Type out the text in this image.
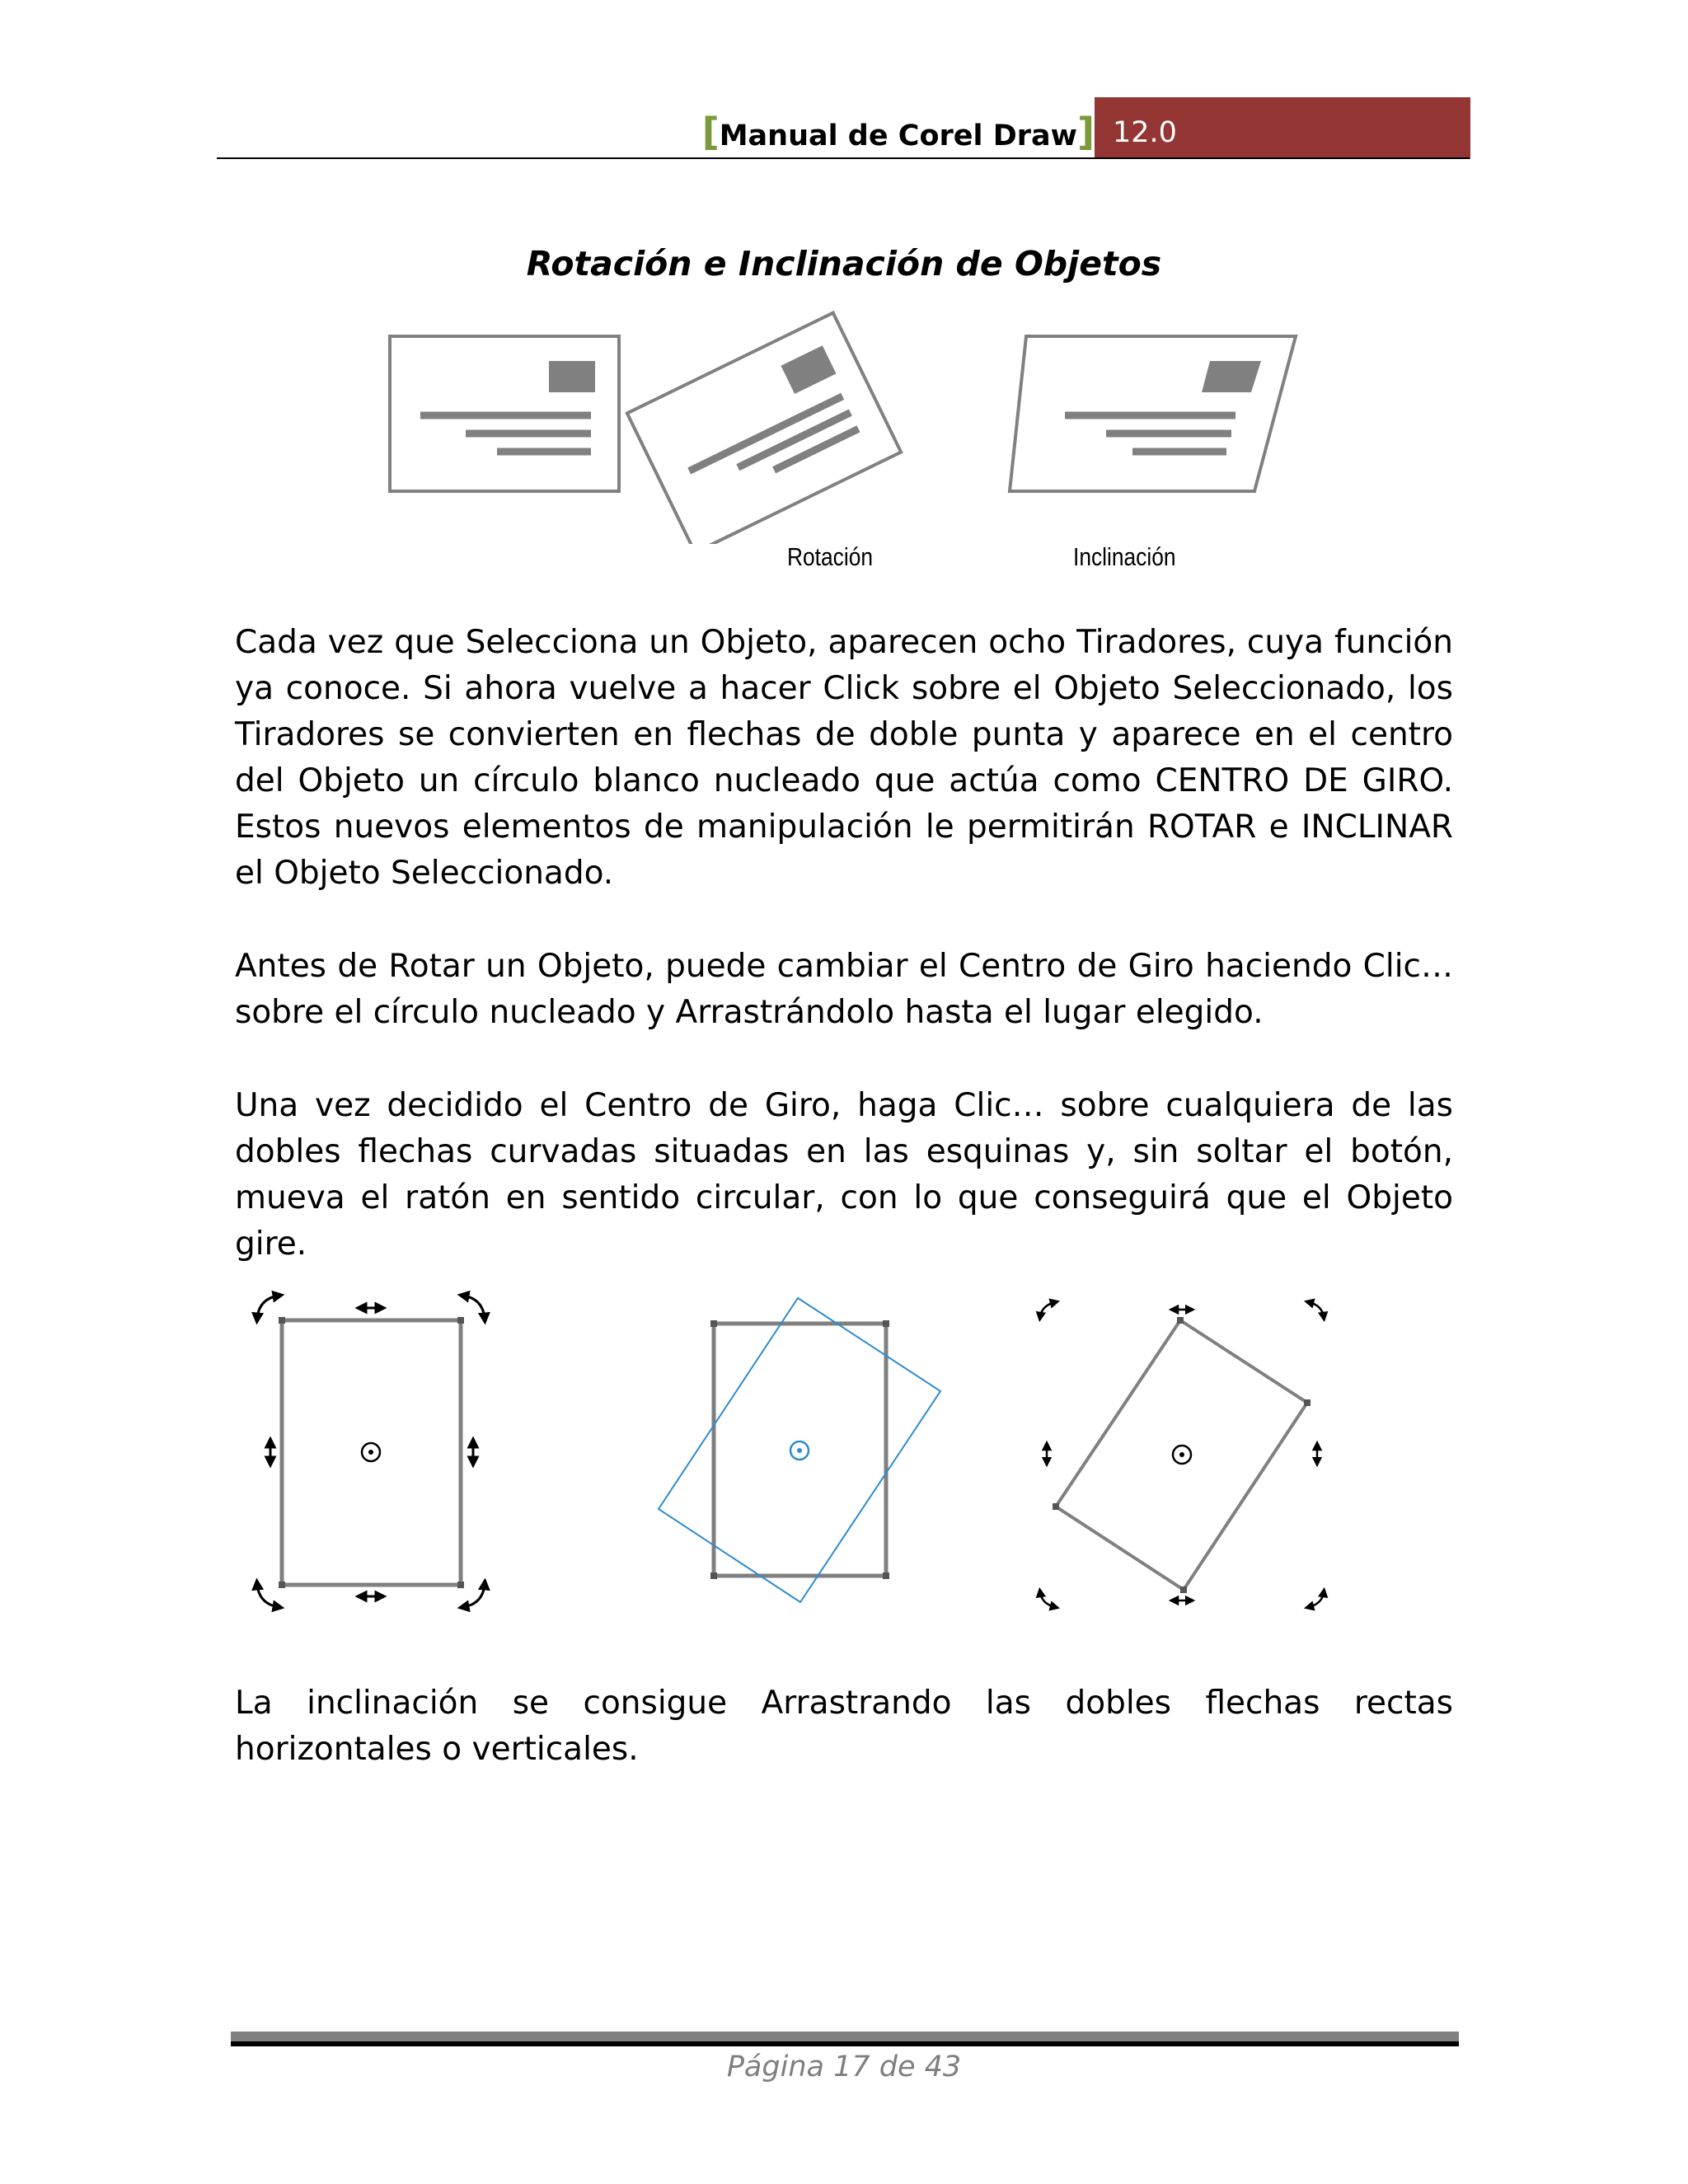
[Manual de Corel Draw] 12.0
Rotación e Inclinación de Objetos
Rotación	Inclinación

Cada vez que Selecciona un Objeto, aparecen ocho Tiradores, cuya función ya conoce. Si ahora vuelve a hacer Click sobre el Objeto Seleccionado, los Tiradores se convierten en flechas de doble punta y aparece en el centro del Objeto un círculo blanco nucleado que actúa como CENTRO DE GIRO. Estos nuevos elementos de manipulación le permitirán ROTAR e INCLINAR el Objeto Seleccionado.

Antes de Rotar un Objeto, puede cambiar el Centro de Giro haciendo Clic… sobre el círculo nucleado y Arrastrándolo hasta el lugar elegido.

Una vez decidido el Centro de Giro, haga Clic… sobre cualquiera de las dobles flechas curvadas situadas en las esquinas y, sin soltar el botón, mueva el ratón en sentido circular, con lo que conseguirá que el Objeto gire.

La inclinación se consigue Arrastrando las dobles flechas rectas horizontales o verticales.

Página 17 de 43
